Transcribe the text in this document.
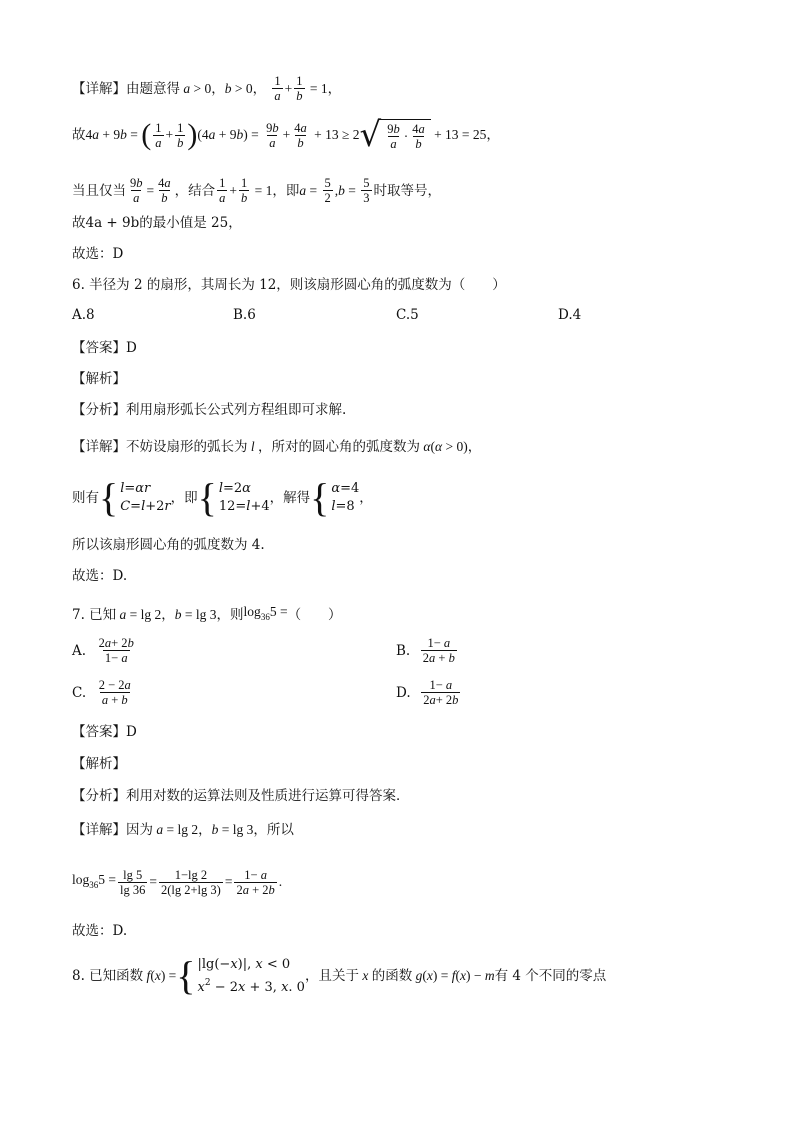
【详解】 由题意得 a > 0 ， b > 0 ， $\frac{1}{a} + \frac{1}{b} = 1$ ，
故 4 a + 9 b = ( $\frac{1}{a} + \frac{1}{b}$ ) (4 a + 9 b ) = $\frac{9b}{a} + \frac{4a}{b} + 13 \ge 2$ √ $\frac{9b}{a} \cdot \frac{4a}{b} + 13 = 25$ ，
当且仅当 $\frac{9b}{a} = \frac{4a}{b}$ ，结合 $\frac{1}{a} + \frac{1}{b} = 1$ ，即 $a = \frac{5}{2}$ , $b = \frac{5}{3}$ 时取等号，
故4a + 9b的最小值是 25，
故选：D
6. 半径为 2 的扇形，其周长为 12，则该扇形圆心角的弧度数为（　　）
A. 8	B. 6	C. 5	D. 4
【答案】 D
【解析】
【分析】 利用扇形弧长公式列方程组即可求解.
【详解】 不妨设扇形的弧长为 l ，所对的圆心角的弧度数为 α ( α > 0) ，
则有 { l=αr
C=l+2r
，即 { l=2α
12=l+4
，解得 { α=4
l=8
，
所以该扇形圆心角的弧度数为 4.
故选：D.
7. 已知 a = lg 2 ， b = lg 3 ，则 $\log_{36}5$ = （　　）
A. $\frac{2a+ 2b}{1- a}$	B. $\frac{1- a}{2a + b}$
C. $\frac{2 - 2a}{a + b}$	D. $\frac{1- a}{2a+ 2b}$
【答案】 D
【解析】
【分析】 利用对数的运算法则及性质进行运算可得答案．
【详解】 因为 a = lg 2 ， b = lg 3 ，所以
$\log_{36}5 = \frac{\lg 5}{\lg 36} = \frac{1-\lg 2}{2(\lg 2+\lg 3)} = \frac{1- a}{2a + 2b}$ .
故选：D.
8. 已知函数 f ( x ) = { |lg(−x)|, x < 0
$x^2 - 2x + 3$, x. 0
，且关于 x 的函数 g ( x ) = f ( x ) − m 有 4 个不同的零点
